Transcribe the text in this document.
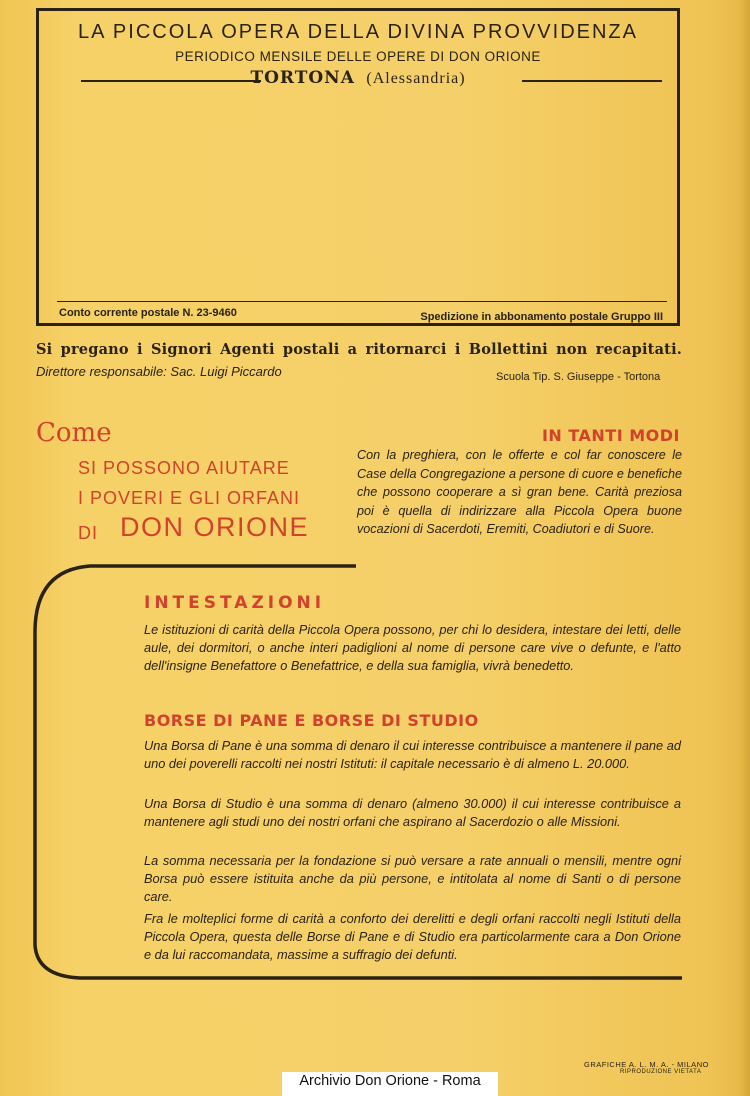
LA PICCOLA OPERA DELLA DIVINA PROVVIDENZA
PERIODICO MENSILE DELLE OPERE DI DON ORIONE
TORTONA (Alessandria)
Conto corrente postale N. 23-9460	Spedizione in abbonamento postale Gruppo III
Si pregano i Signori Agenti postali a ritornarci i Bollettini non recapitati.
Direttore responsabile: Sac. Luigi Piccardo	Scuola Tip. S. Giuseppe - Tortona
Come
SI POSSONO AIUTARE
I POVERI E GLI ORFANI
DI DON ORIONE
IN TANTI MODI
Con la preghiera, con le offerte e col far conoscere le Case della Congregazione a persone di cuore e benefiche che possono cooperare a sì gran bene. Carità preziosa poi è quella di indirizzare alla Piccola Opera buone vocazioni di Sacerdoti, Eremiti, Coadiutori e di Suore.
INTESTAZIONI
Le istituzioni di carità della Piccola Opera possono, per chi lo desidera, intestare dei letti, delle aule, dei dormitori, o anche interi padiglioni al nome di persone care vive o defunte, e l'atto dell'insigne Benefattore o Benefattrice, e della sua famiglia, vivrà benedetto.
BORSE DI PANE E BORSE DI STUDIO
Una Borsa di Pane è una somma di denaro il cui interesse contribuisce a mantenere il pane ad uno dei poverelli raccolti nei nostri Istituti: il capitale necessario è di almeno L. 20.000.
Una Borsa di Studio è una somma di denaro (almeno 30.000) il cui interesse contribuisce a mantenere agli studi uno dei nostri orfani che aspirano al Sacerdozio o alle Missioni.
La somma necessaria per la fondazione si può versare a rate annuali o mensili, mentre ogni Borsa può essere istituita anche da più persone, e intitolata al nome di Santi o di persone care.
Fra le molteplici forme di carità a conforto dei derelitti e degli orfani raccolti negli Istituti della Piccola Opera, questa delle Borse di Pane e di Studio era particolarmente cara a Don Orione e da lui raccomandata, massime a suffragio dei defunti.
GRAFICHE A. L. M. A. - MILANO
RIPRODUZIONE VIETATA
Archivio Don Orione - Roma
